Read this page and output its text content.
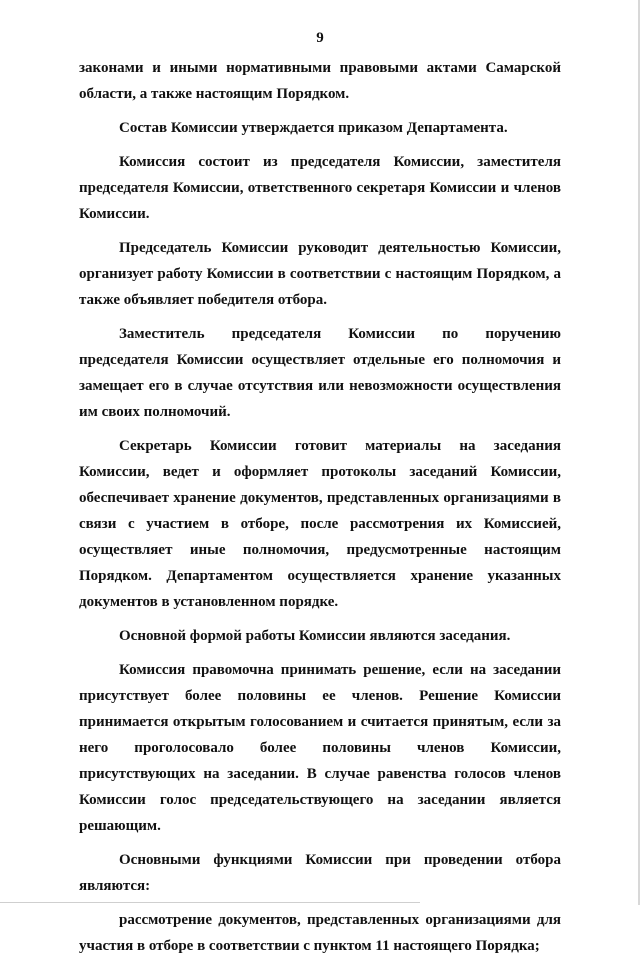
9

законами и иными нормативными правовыми актами Самарской области, а также настоящим Порядком.

Состав Комиссии утверждается приказом Департамента.

Комиссия состоит из председателя Комиссии, заместителя председателя Комиссии, ответственного секретаря Комиссии и членов Комиссии.

Председатель Комиссии руководит деятельностью Комиссии, организует работу Комиссии в соответствии с настоящим Порядком, а также объявляет победителя отбора.

Заместитель председателя Комиссии по поручению председателя Комиссии осуществляет отдельные его полномочия и замещает его в случае отсутствия или невозможности осуществления им своих полномочий.

Секретарь Комиссии готовит материалы на заседания Комиссии, ведет и оформляет протоколы заседаний Комиссии, обеспечивает хранение документов, представленных организациями в связи с участием в отборе, после рассмотрения их Комиссией, осуществляет иные полномочия, предусмотренные настоящим Порядком. Департаментом осуществляется хранение указанных документов в установленном порядке.

Основной формой работы Комиссии являются заседания.

Комиссия правомочна принимать решение, если на заседании присутствует более половины ее членов. Решение Комиссии принимается открытым голосованием и считается принятым, если за него проголосовало более половины членов Комиссии, присутствующих на заседании. В случае равенства голосов членов Комиссии голос председательствующего на заседании является решающим.

Основными функциями Комиссии при проведении отбора являются:

рассмотрение документов, представленных организациями для участия в отборе в соответствии с пунктом 11 настоящего Порядка;
